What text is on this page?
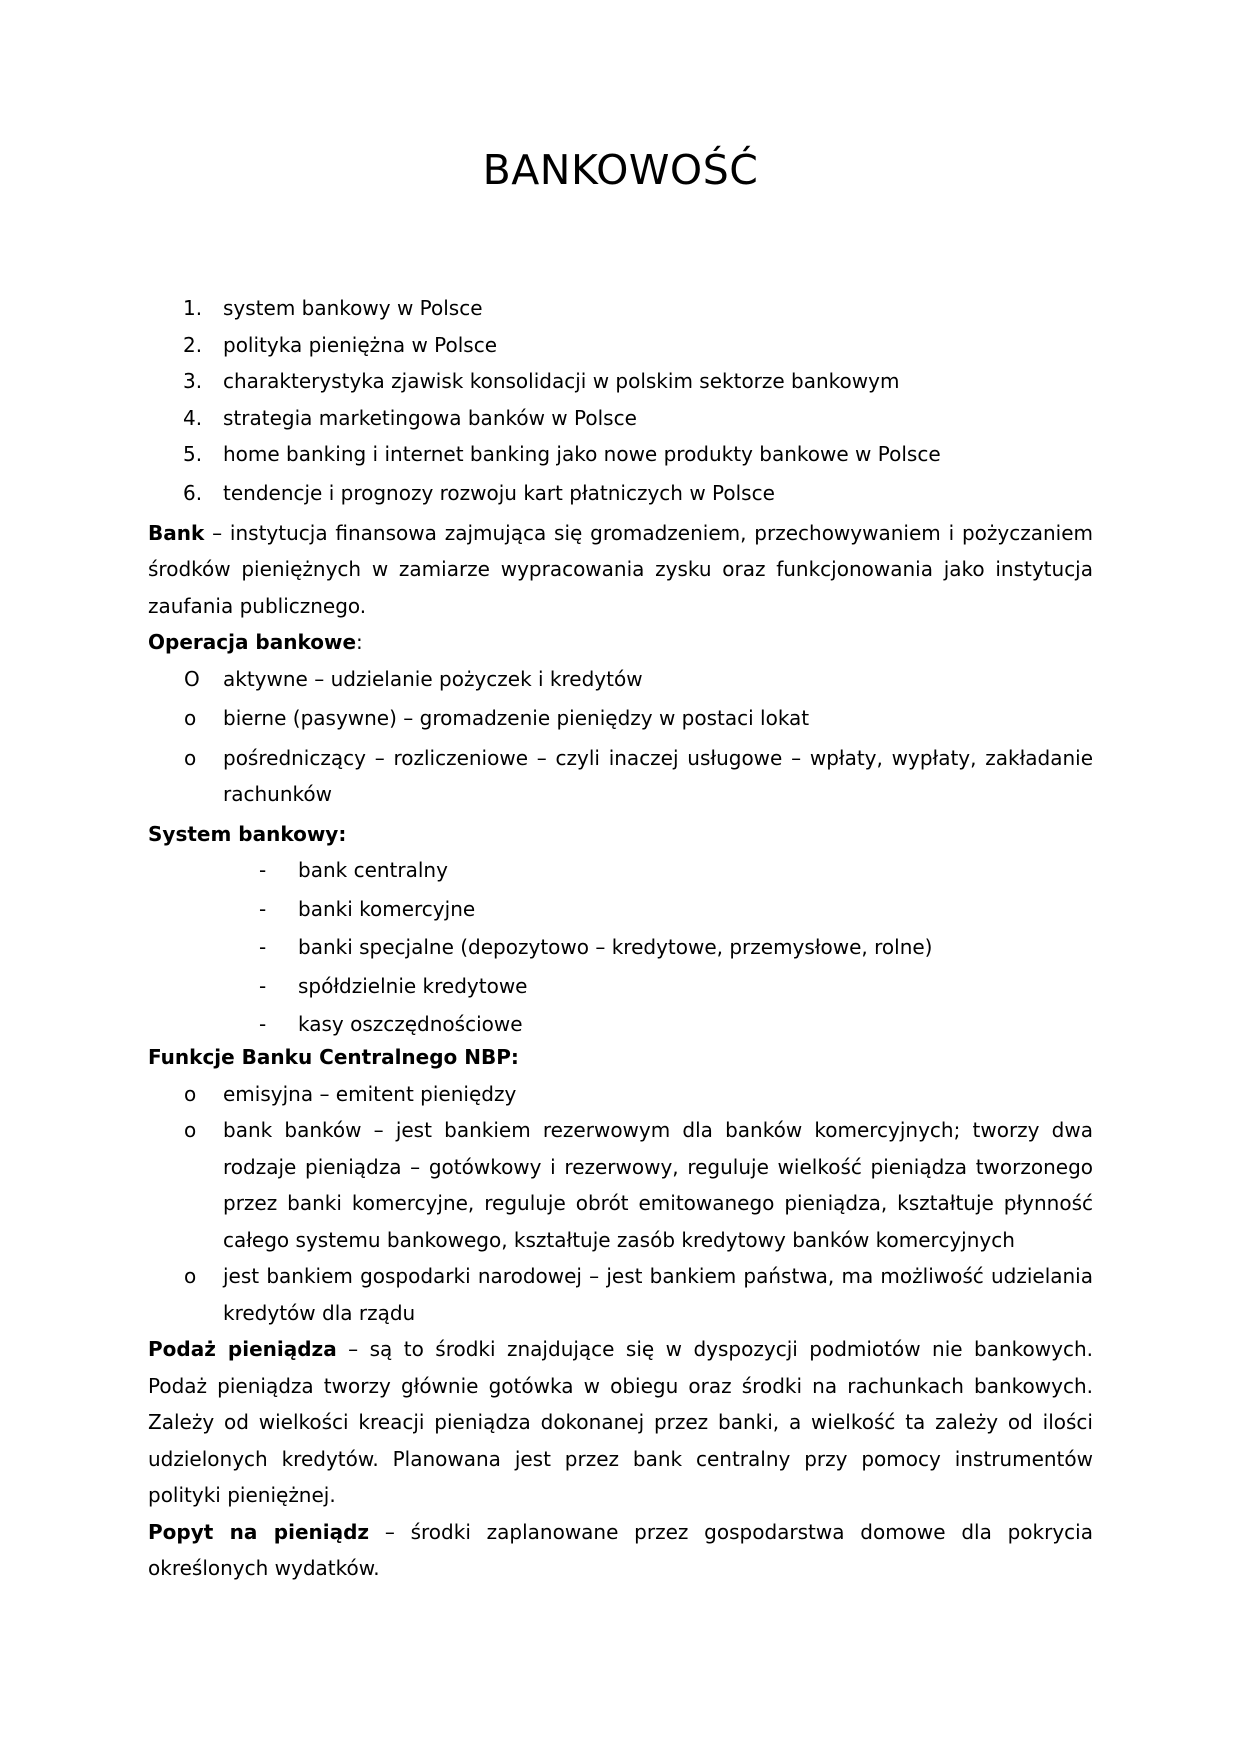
BANKOWOŚĆ
1. system bankowy w Polsce
2. polityka pieniężna w Polsce
3. charakterystyka zjawisk konsolidacji w polskim sektorze bankowym
4. strategia marketingowa banków w Polsce
5. home banking i internet banking jako nowe produkty bankowe w Polsce
6. tendencje i prognozy rozwoju kart płatniczych w Polsce

Bank – instytucja finansowa zajmująca się gromadzeniem, przechowywaniem i pożyczaniem środków pieniężnych w zamiarze wypracowania zysku oraz funkcjonowania jako instytucja zaufania publicznego.

Operacja bankowe:

O aktywne – udzielanie pożyczek i kredytów
o bierne (pasywne) – gromadzenie pieniędzy w postaci lokat
o pośredniczący – rozliczeniowe – czyli inaczej usługowe – wpłaty, wypłaty, zakładanie rachunków

System bankowy:

- bank centralny
- banki komercyjne
- banki specjalne (depozytowo – kredytowe, przemysłowe, rolne)
- spółdzielnie kredytowe
- kasy oszczędnościowe

Funkcje Banku Centralnego NBP:

o emisyjna – emitent pieniędzy
o bank banków – jest bankiem rezerwowym dla banków komercyjnych; tworzy dwa rodzaje pieniądza – gotówkowy i rezerwowy, reguluje wielkość pieniądza tworzonego przez banki komercyjne, reguluje obrót emitowanego pieniądza, kształtuje płynność całego systemu bankowego, kształtuje zasób kredytowy banków komercyjnych
o jest bankiem gospodarki narodowej – jest bankiem państwa, ma możliwość udzielania kredytów dla rządu

Podaż pieniądza – są to środki znajdujące się w dyspozycji podmiotów nie bankowych. Podaż pieniądza tworzy głównie gotówka w obiegu oraz środki na rachunkach bankowych. Zależy od wielkości kreacji pieniądza dokonanej przez banki, a wielkość ta zależy od ilości udzielonych kredytów. Planowana jest przez bank centralny przy pomocy instrumentów polityki pieniężnej.

Popyt na pieniądz – środki zaplanowane przez gospodarstwa domowe dla pokrycia określonych wydatków.
